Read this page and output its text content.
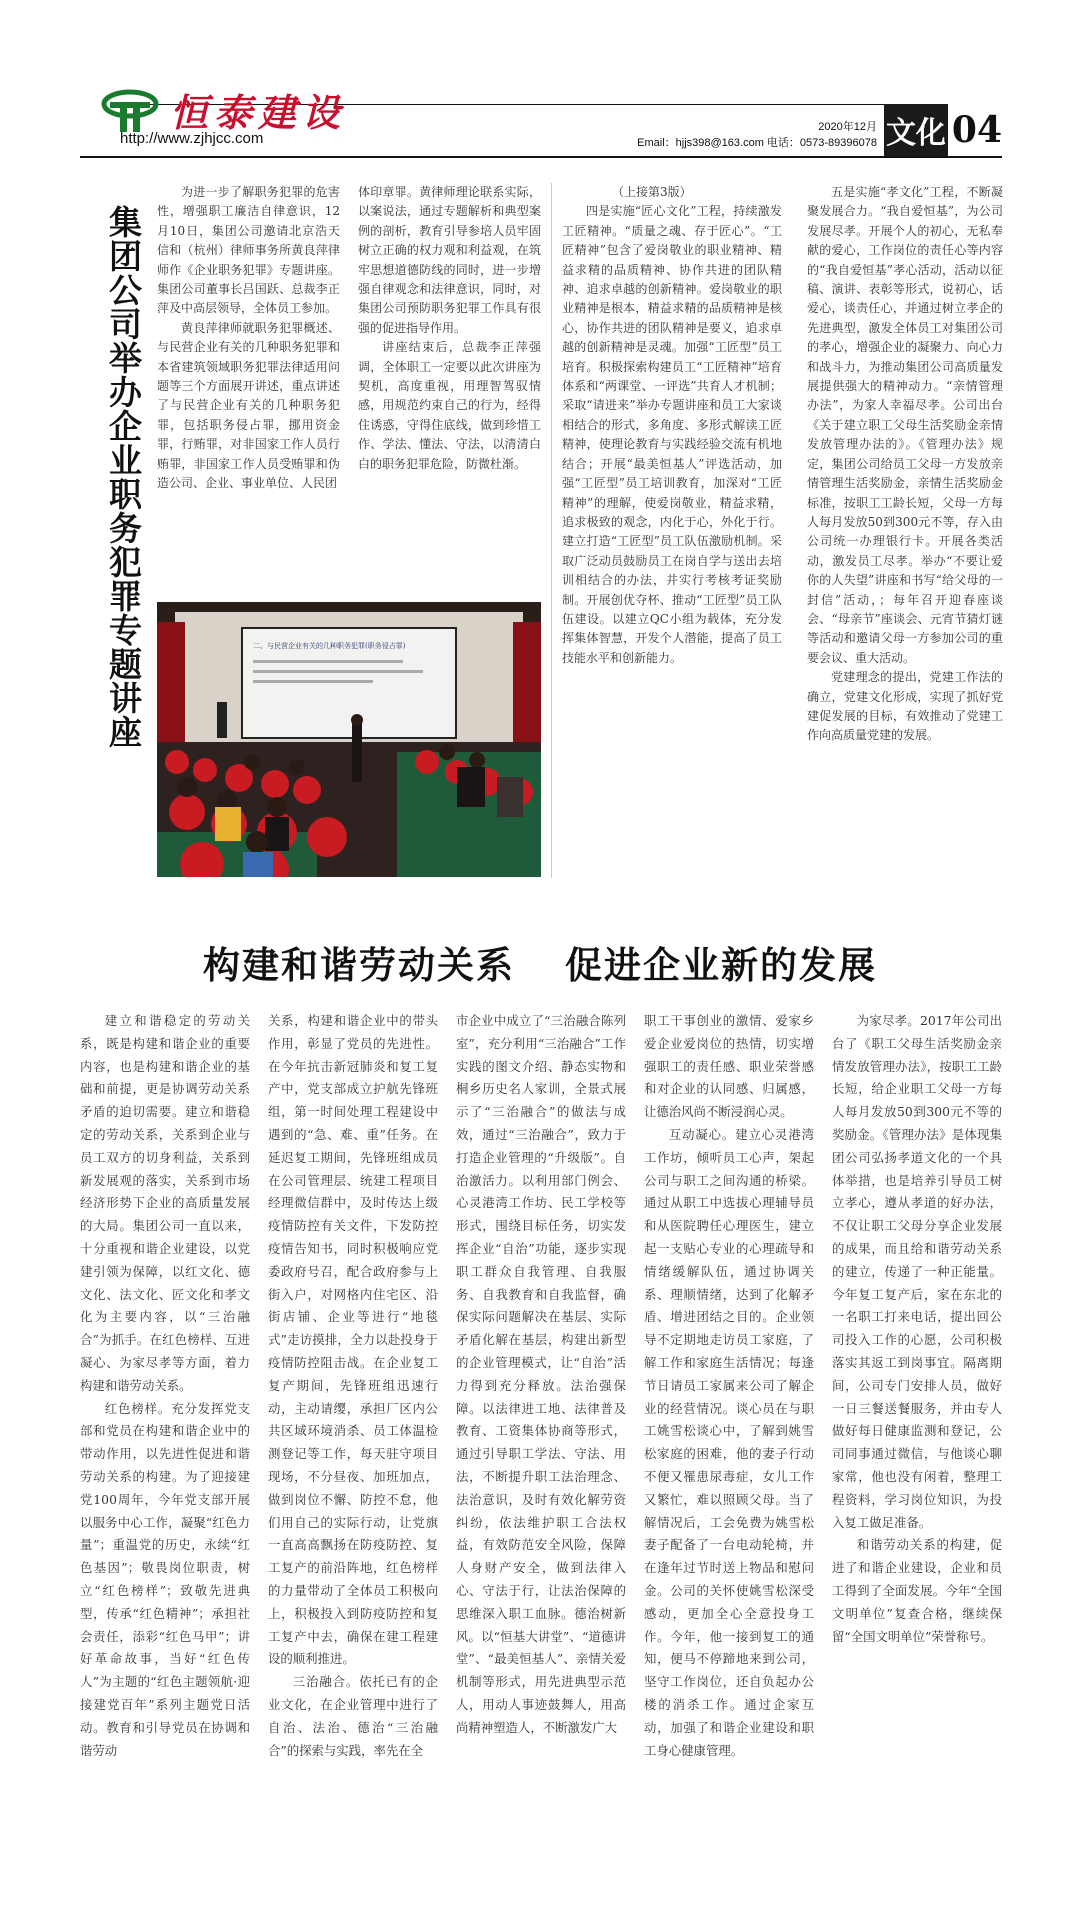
恒泰建设
http://www.zjhjcc.com
2020年12月
Email：hjjs398@163.com 电话：0573-89396078 文化 04
集团公司举办企业职务犯罪专题讲座

为进一步了解职务犯罪的危害性，增强职工廉洁自律意识，12月10日，集团公司邀请北京浩天信和（杭州）律师事务所黄良萍律师作《企业职务犯罪》专题讲座。集团公司董事长吕国跃、总裁李正萍及中高层领导，全体员工参加。

黄良萍律师就职务犯罪概述、与民营企业有关的几种职务犯罪和本省建筑领域职务犯罪法律适用问题等三个方面展开讲述，重点讲述了与民营企业有关的几种职务犯罪，包括职务侵占罪，挪用资金罪，行贿罪，对非国家工作人员行贿罪，非国家工作人员受贿罪和伪造公司、企业、事业单位、人民团

体印章罪。黄律师理论联系实际，以案说法，通过专题解析和典型案例的剖析，教育引导参培人员牢固树立正确的权力观和利益观，在筑牢思想道德防线的同时，进一步增强自律观念和法律意识，同时，对集团公司预防职务犯罪工作具有很强的促进指导作用。

讲座结束后，总裁李正萍强调，全体职工一定要以此次讲座为契机，高度重视，用理智驾驭情感，用规范约束自己的行为，经得住诱惑，守得住底线，做到珍惜工作、学法、懂法、守法，以清清白白的职务犯罪危险，防微杜渐。

二、与民营企业有关的几种职务犯罪(职务侵占罪)

（上接第3版）

四是实施“匠心文化”工程，持续激发工匠精神。“质量之魂、存于匠心”。“工匠精神”包含了爱岗敬业的职业精神、精益求精的品质精神、协作共进的团队精神、追求卓越的创新精神。爱岗敬业的职业精神是根本，精益求精的品质精神是核心，协作共进的团队精神是要义，追求卓越的创新精神是灵魂。加强“工匠型”员工培育。积极探索构建员工“工匠精神”培育体系和“两课堂、一评选”共育人才机制；采取“请进来”举办专题讲座和员工大家谈相结合的形式，多角度、多形式解读工匠精神，使理论教育与实践经验交流有机地结合；开展“最美恒基人”评选活动，加强“工匠型”员工培训教育，加深对“工匠精神”的理解，使爱岗敬业，精益求精，追求极致的观念，内化于心，外化于行。建立打造“工匠型”员工队伍激励机制。采取广泛动员鼓励员工在岗自学与送出去培训相结合的办法，并实行考核考证奖励制。开展创优夺杯、推动“工匠型”员工队伍建设。以建立QC小组为载体，充分发挥集体智慧，开发个人潜能，提高了员工技能水平和创新能力。

五是实施“孝文化”工程，不断凝聚发展合力。“我自爱恒基”，为公司发展尽孝。开展个人的初心，无私奉献的爱心，工作岗位的责任心等内容的“我自爱恒基”孝心活动，活动以征稿、演讲、表彰等形式，说初心，话爱心，谈责任心，并通过树立孝企的先进典型，激发全体员工对集团公司的孝心，增强企业的凝聚力、向心力和战斗力，为推动集团公司高质量发展提供强大的精神动力。“亲情管理办法”，为家人幸福尽孝。公司出台《关于建立职工父母生活奖励金亲情发放管理办法的》。《管理办法》规定，集团公司给员工父母一方发放亲情管理生活奖励金，亲情生活奖励金标准，按职工工龄长短，父母一方每人每月发放50到300元不等，存入由公司统一办理银行卡。开展各类活动，激发员工尽孝。举办“不要让爱你的人失望”讲座和书写“给父母的一封信”活动，；每年召开迎春座谈会、“母亲节”座谈会、元宵节猜灯谜等活动和邀请父母一方参加公司的重要会议、重大活动。

党建理念的提出，党建工作法的确立，党建文化形成，实现了抓好党建促发展的目标，有效推动了党建工作向高质量党建的发展。

构建和谐劳动关系 促进企业新的发展

建立和谐稳定的劳动关系，既是构建和谐企业的重要内容，也是构建和谐企业的基础和前提，更是协调劳动关系矛盾的迫切需要。建立和谐稳定的劳动关系，关系到企业与员工双方的切身利益，关系到新发展观的落实，关系到市场经济形势下企业的高质量发展的大局。集团公司一直以来，十分重视和谐企业建设，以党建引领为保障，以红文化、德文化、法文化、匠文化和孝文化为主要内容，以“三治融合”为抓手。在红色榜样、互进凝心、为家尽孝等方面，着力构建和谐劳动关系。

红色榜样。充分发挥党支部和党员在构建和谐企业中的带动作用，以先进性促进和谐劳动关系的构建。为了迎接建党100周年，今年党支部开展以服务中心工作，凝聚“红色力量”；重温党的历史，永续“红色基因”；敬畏岗位职责，树立“红色榜样”；致敬先进典型，传承“红色精神”；承担社会责任，添彩“红色马甲”；讲好革命故事，当好“红色传人”为主题的“红色主题领航·迎接建党百年”系列主题党日活动。教育和引导党员在协调和谐劳动

关系，构建和谐企业中的带头作用，彰显了党员的先进性。在今年抗击新冠肺炎和复工复产中，党支部成立护航先锋班组，第一时间处理工程建设中遇到的“急、难、重”任务。在延迟复工期间，先锋班组成员在公司管理层、统建工程项目经理微信群中，及时传达上级疫情防控有关文件，下发防控疫情告知书，同时积极响应党委政府号召，配合政府参与上街入户，对网格内住宅区、沿街店铺、企业等进行“地毯式”走访摸排，全力以赴投身于疫情防控阻击战。在企业复工复产期间，先锋班组迅速行动，主动请缨，承担厂区内公共区域环境消杀、员工体温检测登记等工作，每天驻守项目现场，不分昼夜、加班加点，做到岗位不懈、防控不怠，他们用自己的实际行动，让党旗一直高高飘扬在防疫防控、复工复产的前沿阵地，红色榜样的力量带动了全体员工积极向上，积极投入到防疫防控和复工复产中去，确保在建工程建设的顺利推进。

三治融合。依托已有的企业文化，在企业管理中进行了自治、法治、德治“三治融合”的探索与实践，率先在全

市企业中成立了“三治融合陈列室”，充分利用“三治融合”工作实践的图文介绍、静态实物和桐乡历史名人家训，全景式展示了“三治融合”的做法与成效，通过“三治融合”，致力于打造企业管理的“升级版”。自治激活力。以利用部门例会、心灵港湾工作坊、民工学校等形式，围绕目标任务，切实发挥企业“自治”功能，逐步实现职工群众自我管理、自我服务、自我教育和自我监督，确保实际问题解决在基层、实际矛盾化解在基层，构建出新型的企业管理模式，让“自治”活力得到充分释放。法治强保障。以法律进工地、法律普及教育、工资集体协商等形式，通过引导职工学法、守法、用法，不断提升职工法治理念、法治意识，及时有效化解劳资纠纷，依法维护职工合法权益，有效防范安全风险，保障人身财产安全，做到法律入心、守法于行，让法治保障的思维深入职工血脉。德治树新风。以“恒基大讲堂”、“道德讲堂”、“最美恒基人”、亲情关爱机制等形式，用先进典型示范人，用动人事迹鼓舞人，用高尚精神塑造人，不断激发广大

职工干事创业的激情、爱家乡爱企业爱岗位的热情，切实增强职工的责任感、职业荣誉感和对企业的认同感、归属感，让德治风尚不断浸润心灵。

互动凝心。建立心灵港湾工作坊，倾听员工心声，架起公司与职工之间沟通的桥梁。通过从职工中选拔心理辅导员和从医院聘任心理医生，建立起一支贴心专业的心理疏导和情绪缓解队伍，通过协调关系、理顺情绪，达到了化解矛盾、增进团结之目的。企业领导不定期地走访员工家庭，了解工作和家庭生活情况；每逢节日请员工家属来公司了解企业的经营情况。谈心员在与职工姚雪松谈心中，了解到姚雪松家庭的困难，他的妻子行动不便又罹患尿毒症，女儿工作又繁忙，难以照顾父母。当了解情况后，工会免费为姚雪松妻子配备了一台电动轮椅，并在逢年过节时送上物品和慰问金。公司的关怀使姚雪松深受感动，更加全心全意投身工作。今年，他一接到复工的通知，便马不停蹄地来到公司，坚守工作岗位，还自负起办公楼的消杀工作。通过企家互动，加强了和谐企业建设和职工身心健康管理。

为家尽孝。2017年公司出台了《职工父母生活奖励金亲情发放管理办法》，按职工工龄长短，给企业职工父母一方每人每月发放50到300元不等的奖励金。《管理办法》是体现集团公司弘扬孝道文化的一个具体举措，也是培养引导员工树立孝心，遵从孝道的好办法，不仅让职工父母分享企业发展的成果，而且给和谐劳动关系的建立，传递了一种正能量。今年复工复产后，家在东北的一名职工打来电话，提出回公司投入工作的心愿，公司积极落实其返工到岗事宜。隔离期间，公司专门安排人员，做好一日三餐送餐服务，并由专人做好每日健康监测和登记，公司同事通过微信，与他谈心聊家常，他也没有闲着，整理工程资料，学习岗位知识，为投入复工做足准备。

和谐劳动关系的构建，促进了和谐企业建设，企业和员工得到了全面发展。今年“全国文明单位”复查合格，继续保留“全国文明单位”荣誉称号。
